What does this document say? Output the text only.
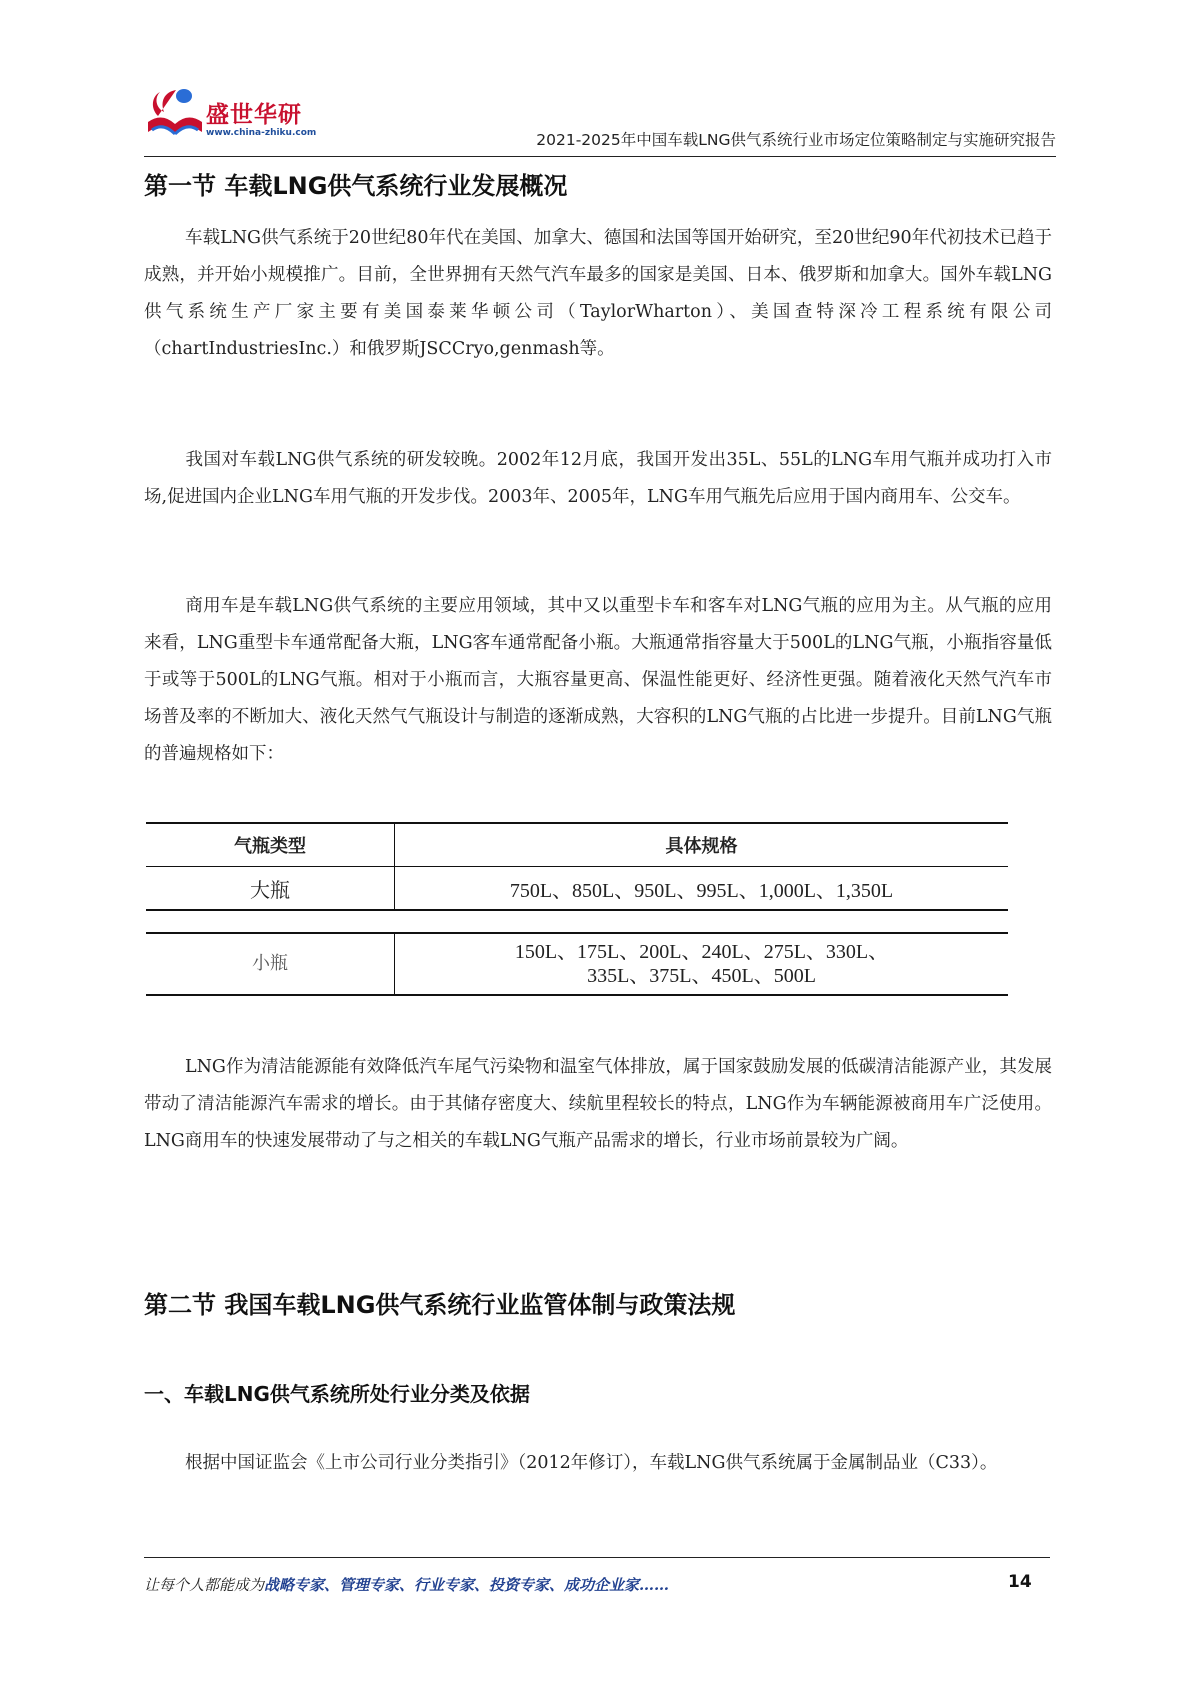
盛世华研
www.china-zhiku.com	2021-2025年中国车载LNG供气系统行业市场定位策略制定与实施研究报告
第一节 车载LNG供气系统行业发展概况

车载LNG供气系统于20世纪80年代在美国、加拿大、德国和法国等国开始研究，至20世纪90年代初技术已趋于成熟，并开始小规模推广。目前，全世界拥有天然气汽车最多的国家是美国、日本、俄罗斯和加拿大。国外车载LNG供气系统生产厂家主要有美国泰莱华顿公司（TaylorWharton）、美国查特深冷工程系统有限公司（chartIndustriesInc.）和俄罗斯JSCCryo,genmash等。

我国对车载LNG供气系统的研发较晚。2002年12月底，我国开发出35L、55L的LNG车用气瓶并成功打入市场,促进国内企业LNG车用气瓶的开发步伐。2003年、2005年，LNG车用气瓶先后应用于国内商用车、公交车。

商用车是车载LNG供气系统的主要应用领域，其中又以重型卡车和客车对LNG气瓶的应用为主。从气瓶的应用来看，LNG重型卡车通常配备大瓶，LNG客车通常配备小瓶。大瓶通常指容量大于500L的LNG气瓶，小瓶指容量低于或等于500L的LNG气瓶。相对于小瓶而言，大瓶容量更高、保温性能更好、经济性更强。随着液化天然气汽车市场普及率的不断加大、液化天然气气瓶设计与制造的逐渐成熟，大容积的LNG气瓶的占比进一步提升。目前LNG气瓶的普遍规格如下：

气瓶类型	具体规格
大瓶	750L、850L、950L、995L、1,000L、1,350L
小瓶	150L、175L、200L、240L、275L、330L、335L、375L、450L、500L

LNG作为清洁能源能有效降低汽车尾气污染物和温室气体排放，属于国家鼓励发展的低碳清洁能源产业，其发展带动了清洁能源汽车需求的增长。由于其储存密度大、续航里程较长的特点，LNG作为车辆能源被商用车广泛使用。LNG商用车的快速发展带动了与之相关的车载LNG气瓶产品需求的增长，行业市场前景较为广阔。

第二节 我国车载LNG供气系统行业监管体制与政策法规
一、车载LNG供气系统所处行业分类及依据

根据中国证监会《上市公司行业分类指引》（2012年修订），车载LNG供气系统属于金属制品业（C33）。

让每个人都能成为战略专家、管理专家、行业专家、投资专家、成功企业家……	14
